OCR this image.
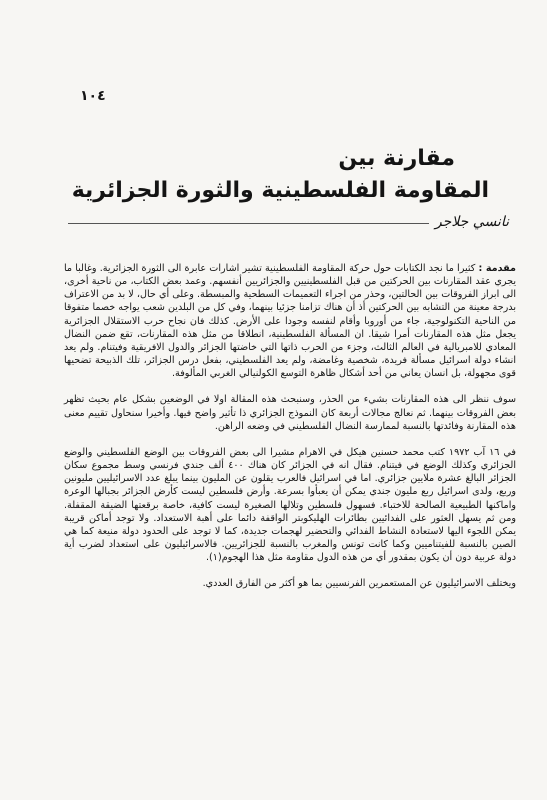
١٠٤
مقارنة بين
المقاومة الفلسطينية والثورة الجزائرية
نانسي جلاجر

مقدمة : كثيرا ما نجد الكتابات حول حركة المقاومة الفلسطينية تشير اشارات عابرة الى الثورة الجزائرية. وغالبا ما يجري عقد المقارنات بين الحركتين من قبل الفلسطينيين والجزائريين أنفسهم. وعمد بعض الكتاب، من ناحية أخرى، الى ابراز الفروقات بين الحالتين، وحذر من اجراء التعميمات السطحية والمبسطة. وعلى أي حال، لا بد من الاعتراف بدرجة معينة من التشابه بين الحركتين أذ أن هناك تزامنا جزئيا بينهما، وفي كل من البلدين شعب يواجه خصما متفوقا من الناحية التكنولوجية، جاء من أوروبا وأقام لنفسه وجودا على الأرض. كذلك فان نجاح حرب الاستقلال الجزائرية يجعل مثل هذه المقارنات أمرا شيقا. ان المسألة الفلسطينية، انطلاقا من مثل هذه المقارنات، تقع ضمن النضال المعادي للامبريالية في العالم الثالث، وجزء من الحرب ذاتها التي خاضتها الجزائر والدول الافريقية وفيتنام. ولم يعد انشاء دولة اسرائيل مسألة فريدة، شخصية وغامضة، ولم يعد الفلسطيني، بفعل درس الجزائر، تلك الذبيحة تضحيها قوى مجهولة، بل انسان يعاني من أحد أشكال ظاهرة التوسع الكولنيالي الغربي المألوفة.

سوف ننظر الى هذه المقارنات بشيء من الحذر، وسنبحث هذه المقالة اولا في الوضعين بشكل عام بحيث تظهر بعض الفروقات بينهما. ثم نعالج مجالات أربعة كان النموذج الجزائري ذا تأثير واضح فيها. وأخيرا سنحاول تقييم معنى هذه المقارنة وفائدتها بالنسبة لممارسة النضال الفلسطيني في وضعه الراهن.

في ١٦ آب ١٩٧٢ كتب محمد حسنين هيكل في الاهرام مشيرا الى بعض الفروقات بين الوضع الفلسطيني والوضع الجزائري وكذلك الوضع في فيتنام. فقال انه في الجزائر كان هناك ٤٠٠ ألف جندي فرنسي وسط مجموع سكان الجزائر البالغ عشرة ملايين جزائري. اما في اسرائيل فالعرب يقلون عن المليون بينما يبلغ عدد الاسرائيليين مليونين وربع، ولدى اسرائيل ربع مليون جندي يمكن أن يعبأوا بسرعة. وأرض فلسطين ليست كأرض الجزائر بجبالها الوعرة واماكنها الطبيعية الصالحة للاختباء. فسهول فلسطين وتلالها الصغيرة ليست كافية، خاصة برقعتها الضيقة المقفلة. ومن ثم يسهل العثور على الفدائيين بطائرات الهليكوبتر الواقفة دائما على أهبة الاستعداد. ولا توجد أماكن قريبة يمكن اللجوء اليها لاستعادة النشاط الفدائي والتحضير لهجمات جديدة، كما لا توجد على الحدود دولة منيعة كما هي الصين بالنسبة للفيتناميين وكما كانت تونس والمغرب بالنسبة للجزائريين. فالاسرائيليون على استعداد لضرب أية دولة عربية دون أن يكون بمقدور أي من هذه الدول مقاومة مثل هذا الهجوم(١).

ويختلف الاسرائيليون عن المستعمرين الفرنسيين بما هو أكثر من الفارق العددي.
